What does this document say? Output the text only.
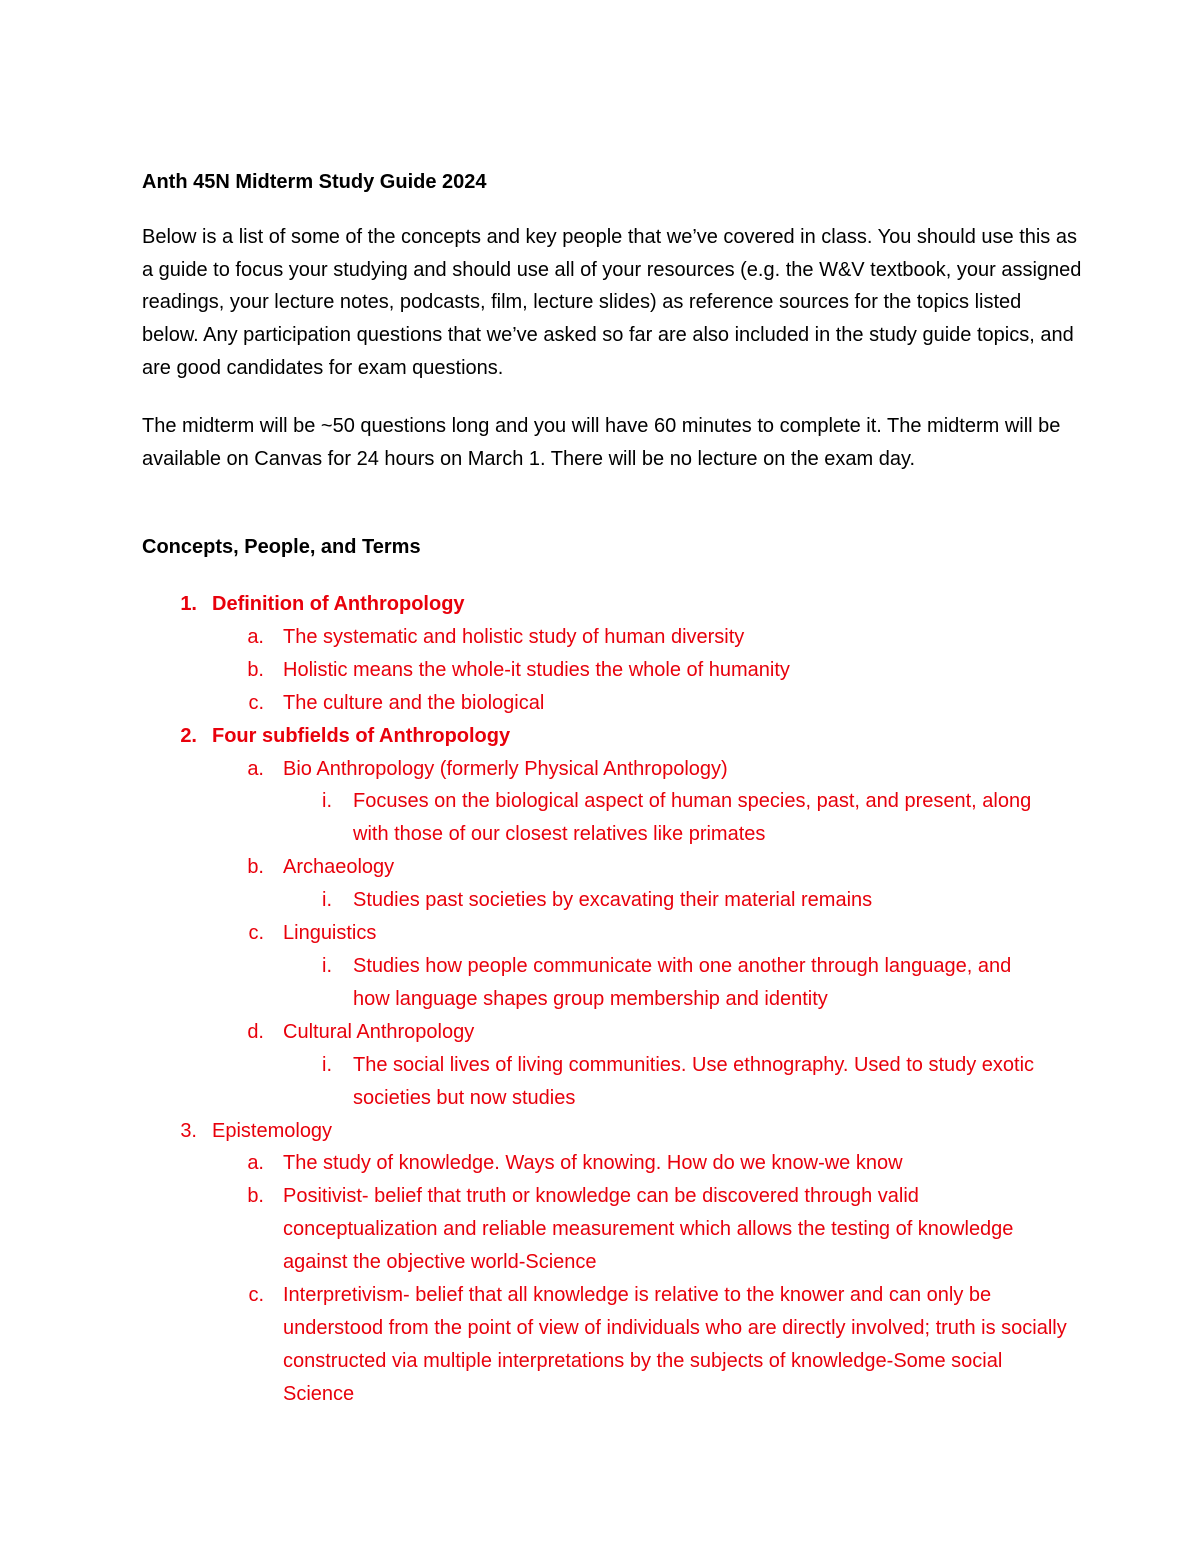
Anth 45N Midterm Study Guide 2024
Below is a list of some of the concepts and key people that we’ve covered in class. You should use this as a guide to focus your studying and should use all of your resources (e.g. the W&V textbook, your assigned readings, your lecture notes, podcasts, film, lecture slides) as reference sources for the topics listed below. Any participation questions that we’ve asked so far are also included in the study guide topics, and are good candidates for exam questions.
The midterm will be ~50 questions long and you will have 60 minutes to complete it. The midterm will be available on Canvas for 24 hours on March 1. There will be no lecture on the exam day.
Concepts, People, and Terms
1. Definition of Anthropology
a. The systematic and holistic study of human diversity
b. Holistic means the whole-it studies the whole of humanity
c. The culture and the biological
2. Four subfields of Anthropology
a. Bio Anthropology (formerly Physical Anthropology)
i. Focuses on the biological aspect of human species, past, and present, along with those of our closest relatives like primates
b. Archaeology
i. Studies past societies by excavating their material remains
c. Linguistics
i. Studies how people communicate with one another through language, and how language shapes group membership and identity
d. Cultural Anthropology
i. The social lives of living communities. Use ethnography. Used to study exotic societies but now studies
3. Epistemology
a. The study of knowledge. Ways of knowing. How do we know-we know
b. Positivist- belief that truth or knowledge can be discovered through valid conceptualization and reliable measurement which allows the testing of knowledge against the objective world-Science
c. Interpretivism- belief that all knowledge is relative to the knower and can only be understood from the point of view of individuals who are directly involved; truth is socially constructed via multiple interpretations by the subjects of knowledge-Some social Science
